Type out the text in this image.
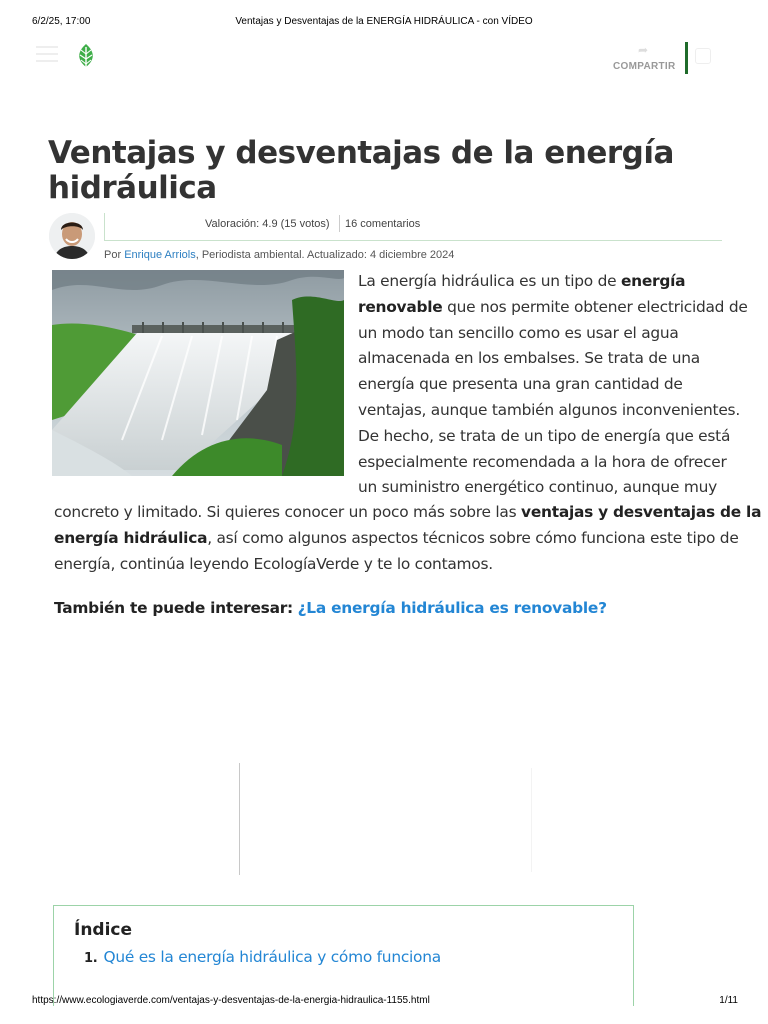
6/2/25, 17:00	Ventajas y Desventajas de la ENERGÍA HIDRÁULICA - con VÍDEO
➦
COMPARTIR
Ventajas y desventajas de la energía hidráulica
Valoración: 4.9 (15 votos) 16 comentarios
Por Enrique Arriols, Periodista ambiental. Actualizado: 4 diciembre 2024
La energía hidráulica es un tipo de energía
renovable que nos permite obtener electricidad de
un modo tan sencillo como es usar el agua
almacenada en los embalses. Se trata de una
energía que presenta una gran cantidad de
ventajas, aunque también algunos inconvenientes.
De hecho, se trata de un tipo de energía que está
especialmente recomendada a la hora de ofrecer
un suministro energético continuo, aunque muy
concreto y limitado. Si quieres conocer un poco más sobre las ventajas y desventajas de la
energía hidráulica, así como algunos aspectos técnicos sobre cómo funciona este tipo de
energía, continúa leyendo EcologíaVerde y te lo contamos.
También te puede interesar: ¿La energía hidráulica es renovable?
Índice
1. Qué es la energía hidráulica y cómo funciona
https://www.ecologiaverde.com/ventajas-y-desventajas-de-la-energia-hidraulica-1155.html	1/11
